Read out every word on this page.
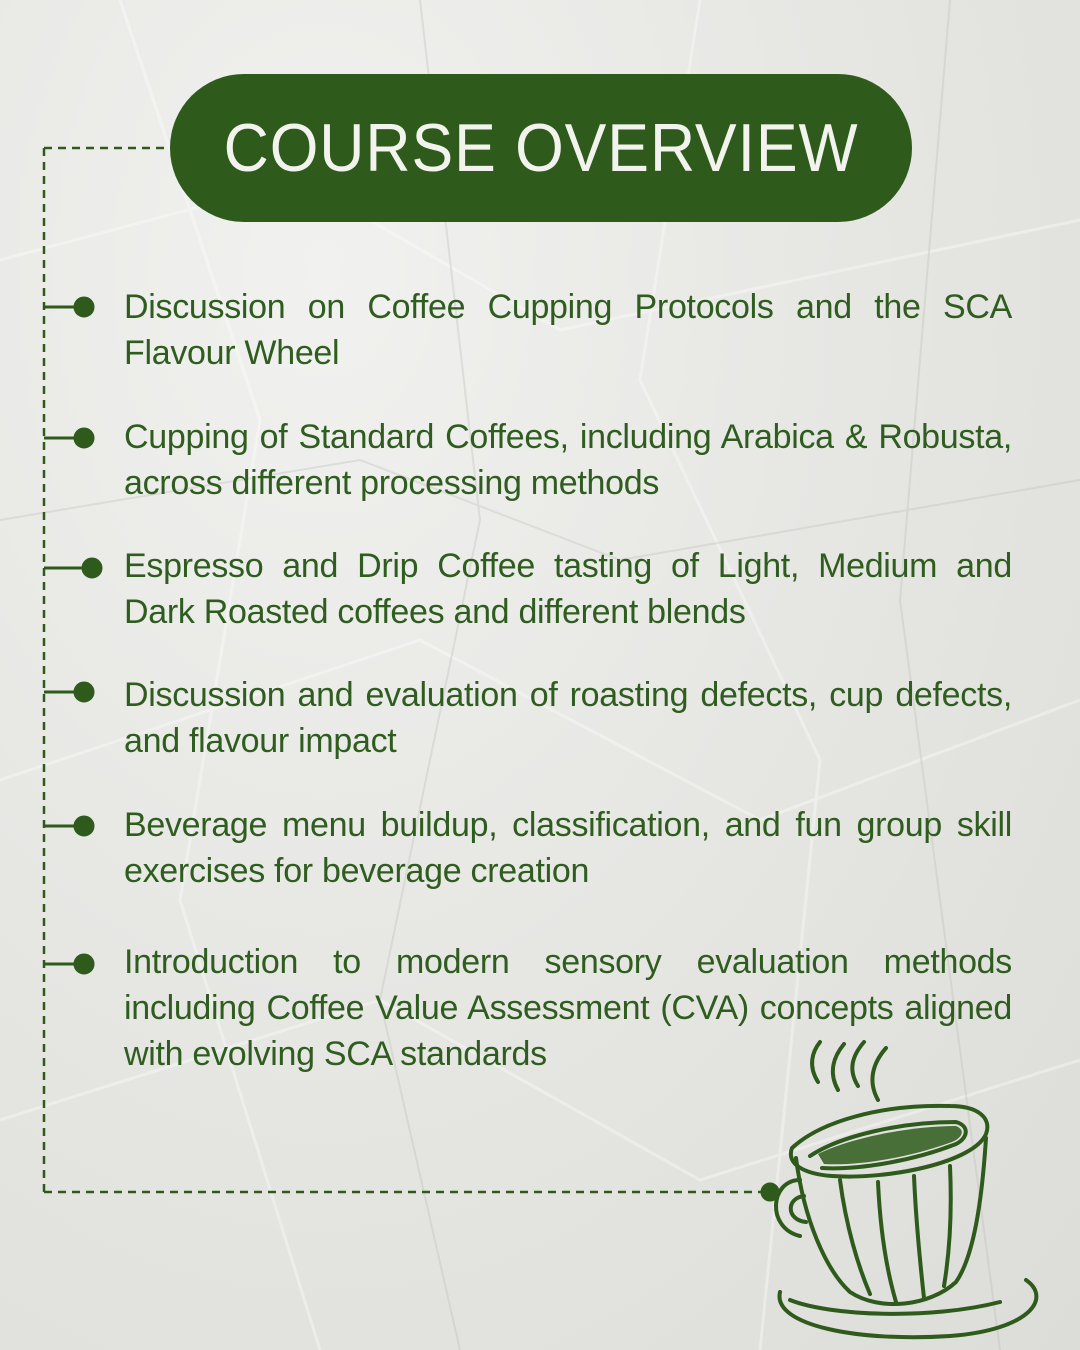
COURSE OVERVIEW
Discussion on Coffee Cupping Protocols and the SCA Flavour Wheel
Cupping of Standard Coffees, including Arabica & Robusta, across different processing methods
Espresso and Drip Coffee tasting of Light, Medium and Dark Roasted coffees and different blends
Discussion and evaluation of roasting defects, cup defects, and flavour impact
Beverage menu buildup, classification, and fun group skill exercises for beverage creation
Introduction to modern sensory evaluation methods including Coffee Value Assessment (CVA) concepts aligned with evolving SCA standards
